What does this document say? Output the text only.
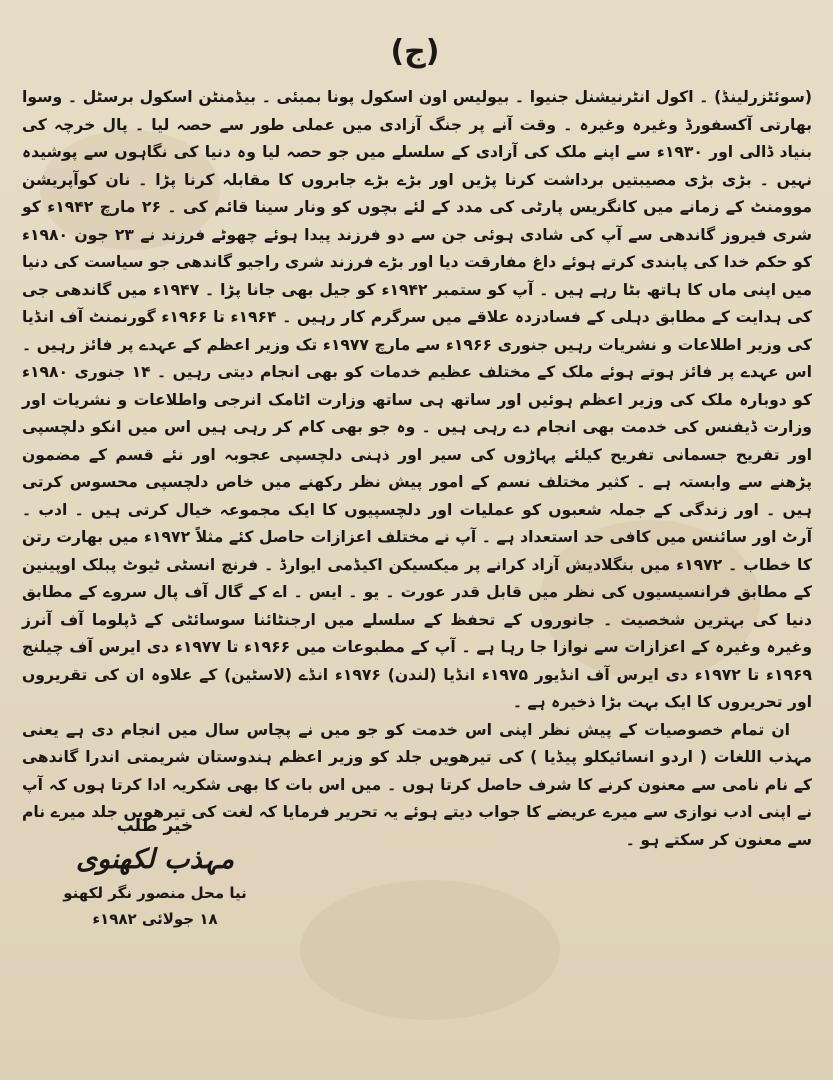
(ج)

(سوئٹزرلینڈ) ۔ اکول انٹرنیشنل جنیوا ۔ بیولیس اون اسکول پونا بمبئی ۔ بیڈمنٹن اسکول برسٹل ۔ وسوا بھارتی آکسفورڈ وغیرہ وغیرہ ۔ وقت آنے پر جنگ آزادی میں عملی طور سے حصہ لیا ۔ پال خرچہ کی بنیاد ڈالی اور ۱۹۳۰ء سے اپنے ملک کی آزادی کے سلسلے میں جو حصہ لیا وہ دنیا کی نگاہوں سے پوشیدہ نہیں ۔ بڑی بڑی مصیبتیں برداشت کرنا پڑیں اور بڑے بڑے جابروں کا مقابلہ کرنا پڑا ۔ نان کوآپریشن موومنٹ کے زمانے میں کانگریس پارٹی کی مدد کے لئے بچوں کو ونار سینا قائم کی ۔ ۲۶ مارچ ۱۹۴۲ء کو شری فیروز گاندھی سے آپ کی شادی ہوئی جن سے دو فرزند پیدا ہوئے چھوٹے فرزند نے ۲۳ جون ۱۹۸۰ء کو حکم خدا کی پابندی کرتے ہوئے داغ مفارقت دیا اور بڑے فرزند شری راجیو گاندھی جو سیاست کی دنیا میں اپنی ماں کا ہاتھ بٹا رہے ہیں ۔ آپ کو ستمبر ۱۹۴۲ء کو جیل بھی جانا پڑا ۔ ۱۹۴۷ء میں گاندھی جی کی ہدایت کے مطابق دہلی کے فسادزدہ علاقے میں سرگرم کار رہیں ۔ ۱۹۶۴ء تا ۱۹۶۶ء گورنمنٹ آف انڈیا کی وزیر اطلاعات و نشریات رہیں جنوری ۱۹۶۶ء سے مارچ ۱۹۷۷ء تک وزیر اعظم کے عہدے پر فائز رہیں ۔ اس عہدے پر فائز ہوتے ہوئے ملک کے مختلف عظیم خدمات کو بھی انجام دیتی رہیں ۔ ۱۴ جنوری ۱۹۸۰ء کو دوبارہ ملک کی وزیر اعظم ہوئیں اور ساتھ ہی ساتھ وزارت اٹامک انرجی واطلاعات و نشریات اور وزارت ڈیفنس کی خدمت بھی انجام دے رہی ہیں ۔ وہ جو بھی کام کر رہی ہیں اس میں انکو دلچسپی اور تفریح جسمانی تفریح کیلئے پہاڑوں کی سیر اور ذہنی دلچسپی عجوبہ اور نئے قسم کے مضمون پڑھنے سے وابستہ ہے ۔ کثیر مختلف نسم کے امور پیش نظر رکھنے میں خاص دلچسپی محسوس کرتی ہیں ۔ اور زندگی کے جملہ شعبوں کو عملیات اور دلچسپیوں کا ایک مجموعہ خیال کرتی ہیں ۔ ادب ۔ آرٹ اور سائنس میں کافی حد استعداد ہے ۔ آپ نے مختلف اعزازات حاصل کئے مثلاً ۱۹۷۲ء میں بھارت رتن کا خطاب ۔ ۱۹۷۲ء میں بنگلادیش آزاد کرانے پر میکسیکن اکیڈمی ایوارڈ ۔ فرنچ انسٹی ٹیوٹ پبلک اوپینین کے مطابق فرانسیسیوں کی نظر میں قابل قدر عورت ۔ یو ۔ ایس ۔ اے کے گال آف پال سروے کے مطابق دنیا کی بہترین شخصیت ۔ جانوروں کے تحفظ کے سلسلے میں ارجنٹائنا سوسائٹی کے ڈپلوما آف آنرز وغیرہ وغیرہ کے اعزازات سے نوازا جا رہا ہے ۔ آپ کے مطبوعات میں ۱۹۶۶ء تا ۱۹۷۷ء دی ایرس آف چیلنج ۱۹۶۹ء تا ۱۹۷۲ء دی ایرس آف انڈیور ۱۹۷۵ء انڈیا (لندن) ۱۹۷۶ء انڈے (لاسٹین) کے علاوہ ان کی تقریروں اور تحریروں کا ایک بہت بڑا ذخیرہ ہے ۔

ان تمام خصوصیات کے پیش نظر اپنی اس خدمت کو جو میں نے پچاس سال میں انجام دی ہے یعنی مہذب اللغات ( اردو انسائیکلو پیڈیا ) کی تیرھویں جلد کو وزیر اعظم ہندوستان شریمتی اندرا گاندھی کے نام نامی سے معنون کرنے کا شرف حاصل کرتا ہوں ۔ میں اس بات کا بھی شکریہ ادا کرتا ہوں کہ آپ نے اپنی ادب نوازی سے میرے عریضے کا جواب دیتے ہوئے یہ تحریر فرمایا کہ لغت کی تیرھویں جلد میرے نام سے معنون کر سکتے ہو ۔

خیر طلب
مہذب لکھنوی
نیا محل منصور نگر لکھنو
۱۸ جولائی ۱۹۸۲ء
